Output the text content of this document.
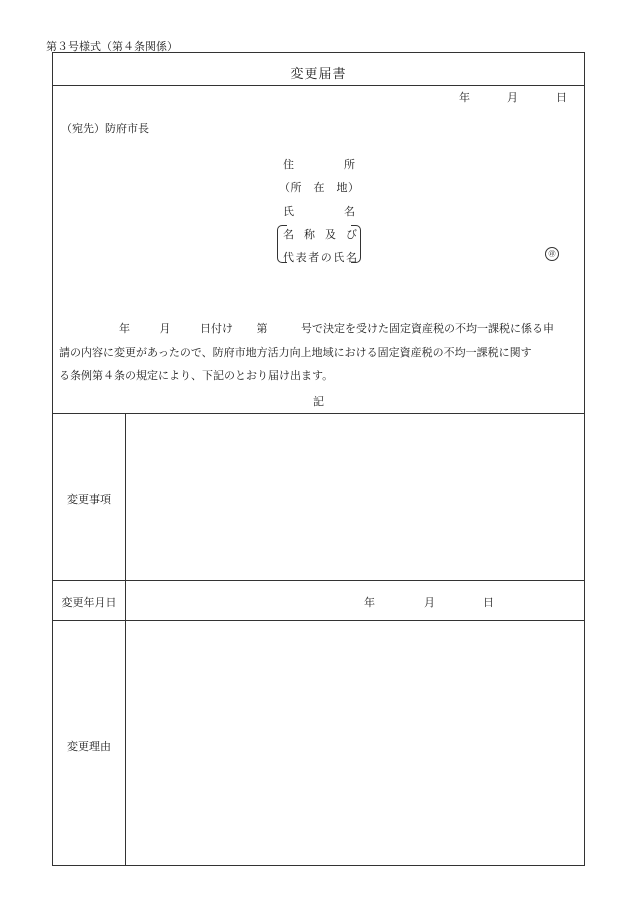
第３号様式（第４条関係）
変更届書
年	月	日
（宛先）防府市長
住　所
（所　在　地）
氏　名
名称及び
代表者の氏名	㊞
年	月	日付け 第	号で決定を受けた固定資産税の不均一課税に係る申
請の内容に変更があったので、防府市地方活力向上地域における固定資産税の不均一課税に関す
る条例第４条の規定により、下記のとおり届け出ます。
記
変更事項
変更年月日	年	月	日
変更理由
